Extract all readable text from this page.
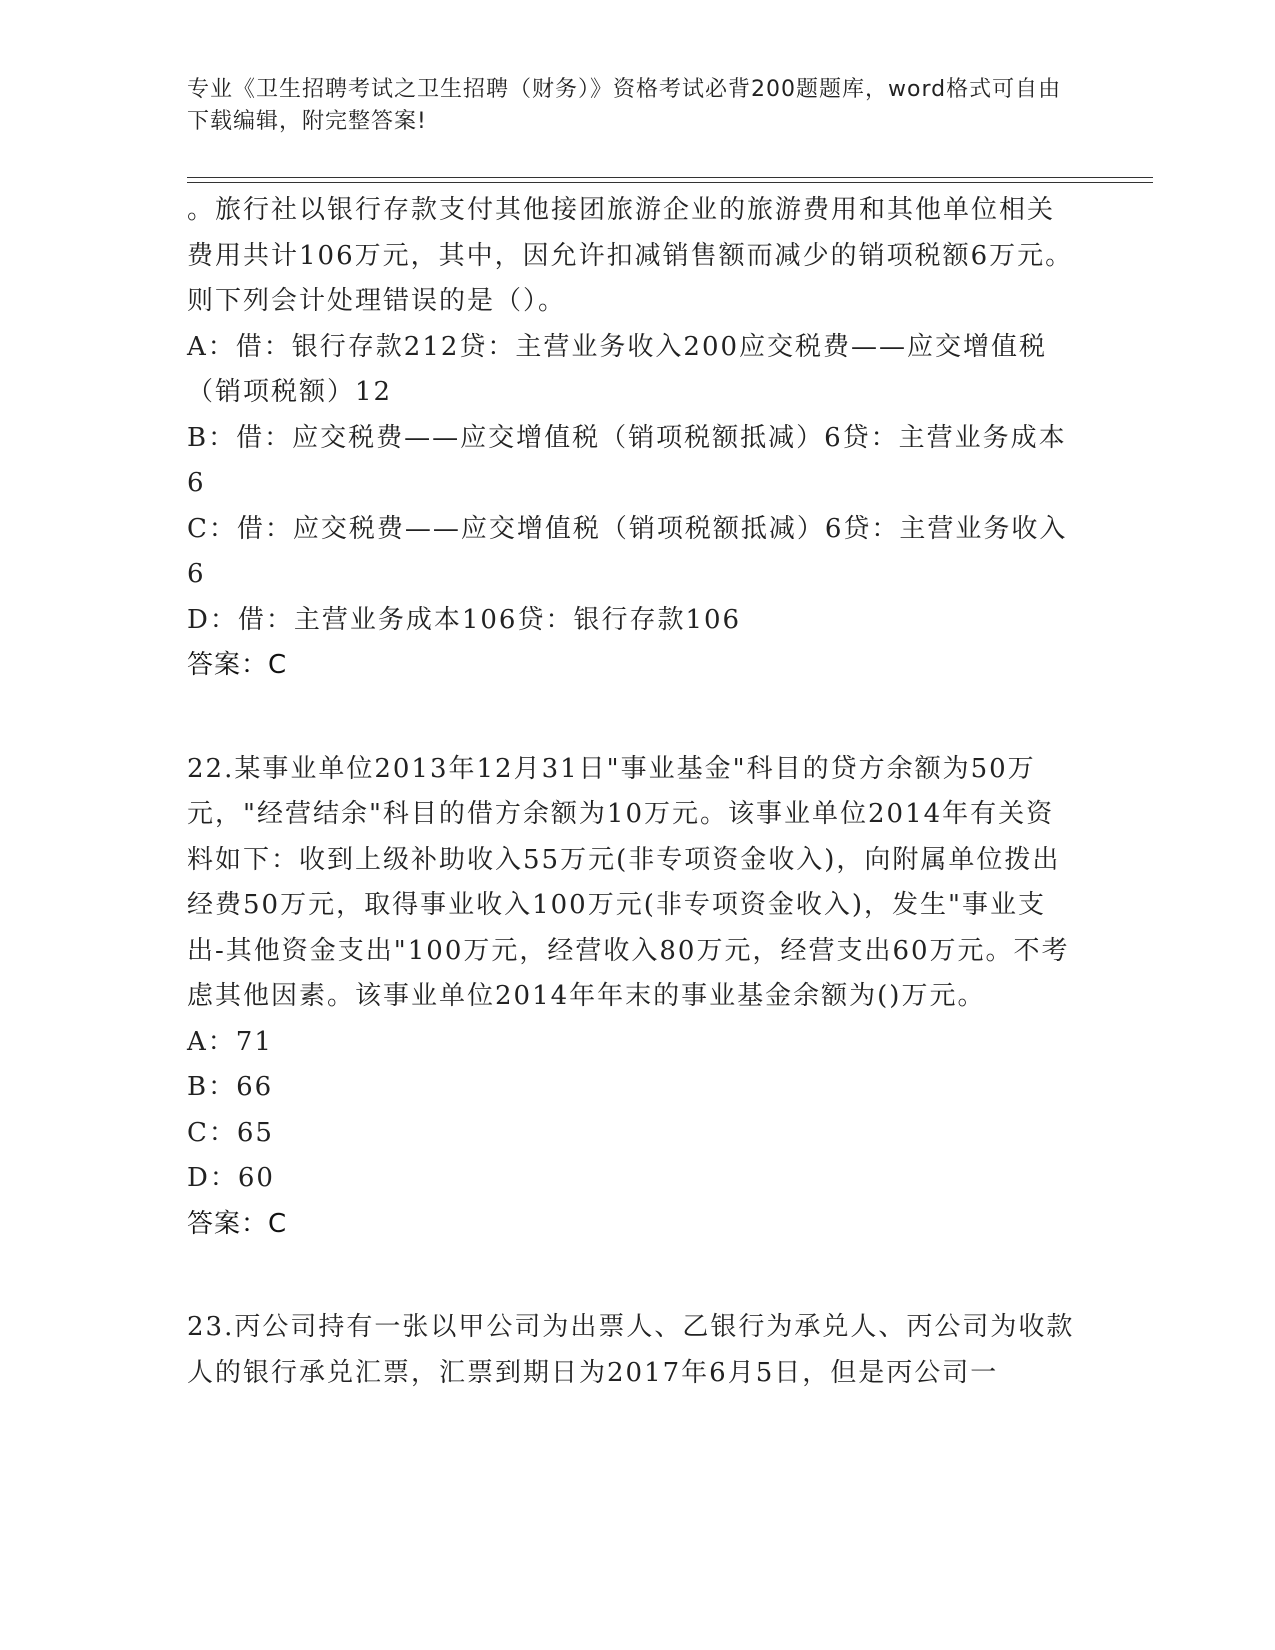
专业《卫生招聘考试之卫生招聘（财务）》资格考试必背200题题库，word格式可自由下载编辑，附完整答案!

。旅行社以银行存款支付其他接团旅游企业的旅游费用和其他单位相关费用共计106万元，其中，因允许扣减销售额而减少的销项税额6万元。则下列会计处理错误的是（）。

A：借：银行存款212贷：主营业务收入200应交税费——应交增值税（销项税额）12

B：借：应交税费——应交增值税（销项税额抵减）6贷：主营业务成本6

C：借：应交税费——应交增值税（销项税额抵减）6贷：主营业务收入6

D：借：主营业务成本106贷：银行存款106

答案：C

22.某事业单位2013年12月31日"事业基金"科目的贷方余额为50万元，"经营结余"科目的借方余额为10万元。该事业单位2014年有关资料如下：收到上级补助收入55万元(非专项资金收入)，向附属单位拨出经费50万元，取得事业收入100万元(非专项资金收入)，发生"事业支出-其他资金支出"100万元，经营收入80万元，经营支出60万元。不考虑其他因素。该事业单位2014年年末的事业基金余额为()万元。

A：71

B：66

C：65

D：60

答案：C

23.丙公司持有一张以甲公司为出票人、乙银行为承兑人、丙公司为收款人的银行承兑汇票，汇票到期日为2017年6月5日，但是丙公司一
